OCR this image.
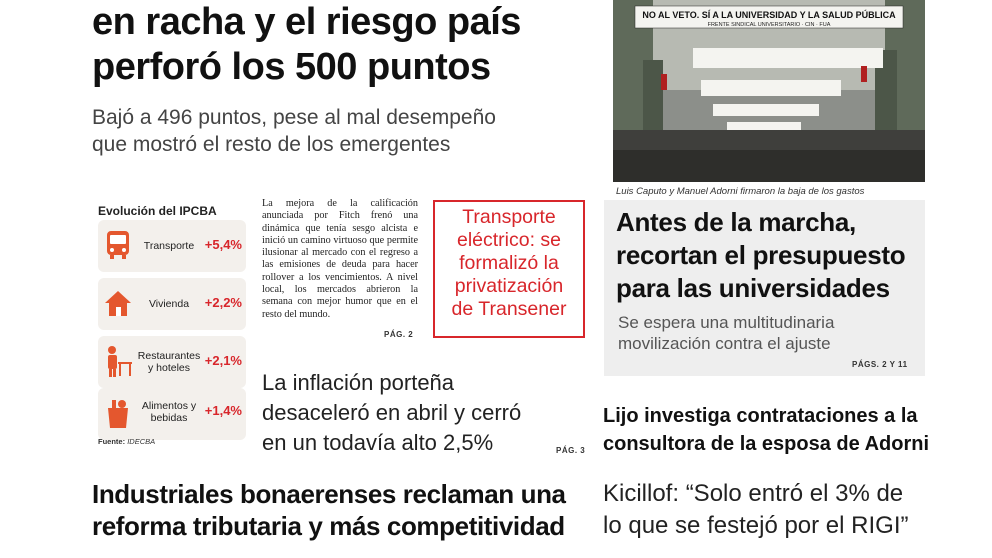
en racha y el riesgo país
perforó los 500 puntos
Bajó a 496 puntos, pese al mal desempeño
que mostró el resto de los emergentes
Evolución del IPCBA
Transporte +5,4%
Vivienda	+2,2%
Restaurantes y hoteles	+2,1%
Alimentos y bebidas	+1,4%
Fuente: IDECBA
La mejora de la calificación anunciada por Fitch frenó una dinámica que tenía sesgo alcista e inició un camino virtuoso que permite ilusionar al mercado con el regreso a las emisiones de deuda para hacer rollover a los vencimientos. A nivel local, los mercados abrieron la semana con mejor humor que en el resto del mundo.
PÁG. 2
Transporte
eléctrico: se
formalizó la
privatización
de Transener
La inflación porteña
desaceleró en abril y cerró
en un todavía alto 2,5%	PÁG. 3
NO AL VETO. SÍ A LA UNIVERSIDAD Y LA SALUD PÚBLICA
FRENTE SINDICAL UNIVERSITARIO · CIN · FUA
Luis Caputo y Manuel Adorni firmaron la baja de los gastos
Antes de la marcha,
recortan el presupuesto
para las universidades
Se espera una multitudinaria
movilización contra el ajuste
PÁGS. 2 Y 11
Lijo investiga contrataciones a la
consultora de la esposa de Adorni
Industriales bonaerenses reclaman una
reforma tributaria y más competitividad
Kicillof: “Solo entró el 3% de
lo que se festejó por el RIGI”
